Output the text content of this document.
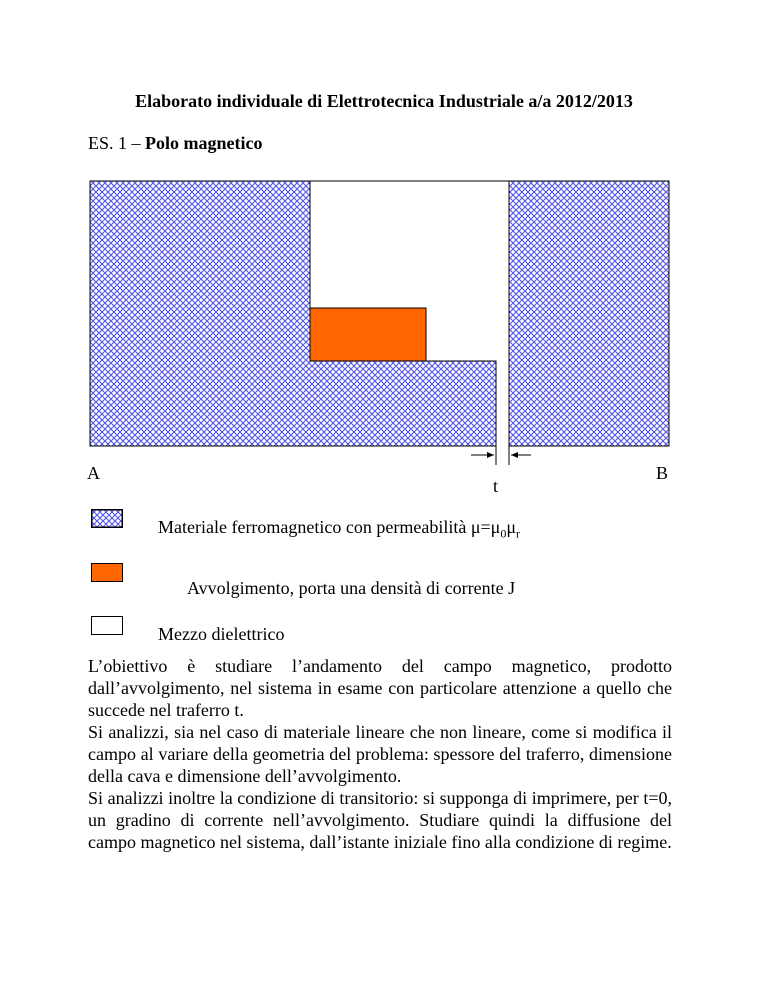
Elaborato individuale di Elettrotecnica Industriale a/a 2012/2013
ES. 1 – Polo magnetico
A	B
t
Materiale ferromagnetico con permeabilità $\mu=\mu_0\mu_r$
Avvolgimento, porta una densità di corrente J
Mezzo dielettrico

L’obiettivo è studiare l’andamento del campo magnetico, prodotto dall’avvolgimento, nel sistema in esame con particolare attenzione a quello che succede nel traferro t.

Si analizzi, sia nel caso di materiale lineare che non lineare, come si modifica il campo al variare della geometria del problema: spessore del traferro, dimensione della cava e dimensione dell’avvolgimento.

Si analizzi inoltre la condizione di transitorio: si supponga di imprimere, per t=0, un gradino di corrente nell’avvolgimento. Studiare quindi la diffusione del campo magnetico nel sistema, dall’istante iniziale fino alla condizione di regime.
